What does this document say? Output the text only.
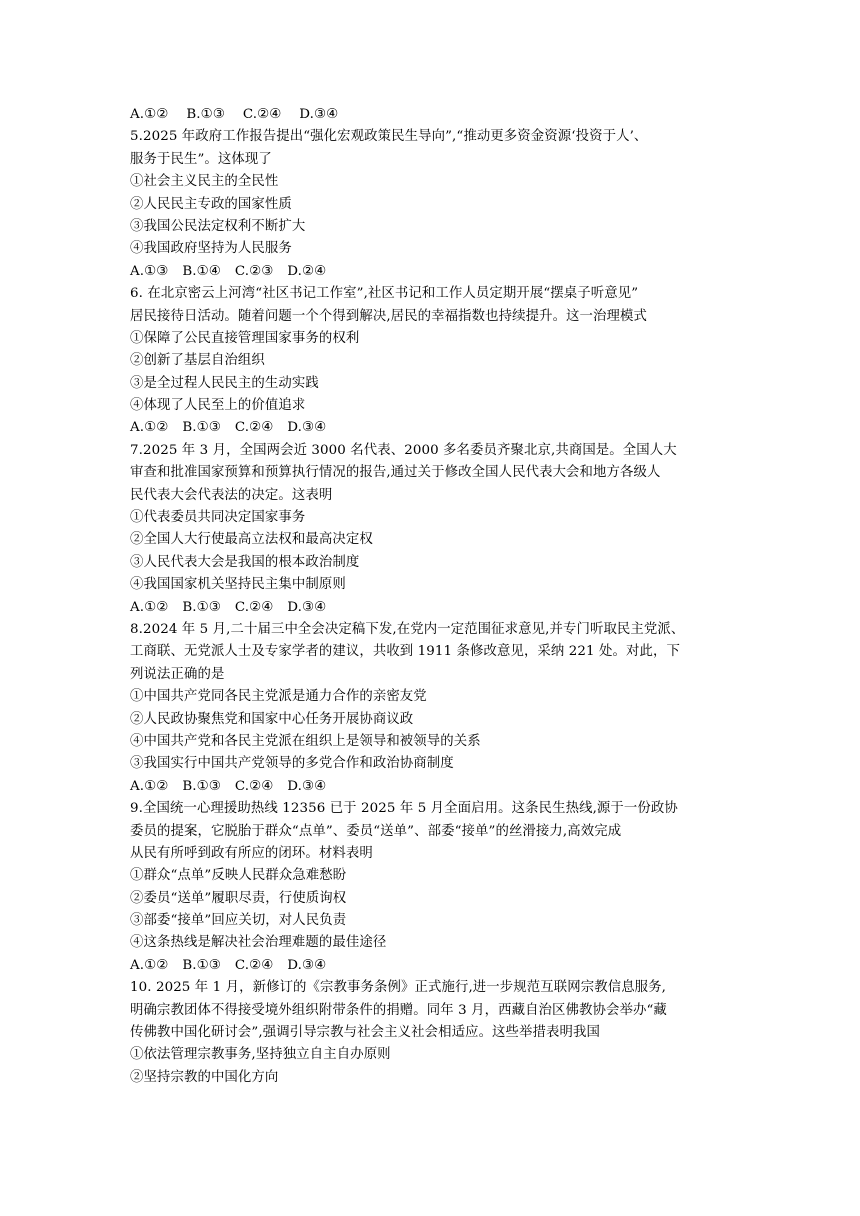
A.①② B.①③ C.②④ D.③④
5.2025 年政府工作报告提出“强化宏观政策民生导向”,“推动更多资金资源‘投资于人’、
服务于民生”。这体现了
①社会主义民主的全民性
②人民民主专政的国家性质
③我国公民法定权利不断扩大
④我国政府坚持为人民服务
A.①③ B.①④ C.②③ D.②④
6. 在北京密云上河湾“社区书记工作室”,社区书记和工作人员定期开展“摆桌子听意见”
居民接待日活动。随着问题一个个得到解决,居民的幸福指数也持续提升。这一治理模式
①保障了公民直接管理国家事务的权利
②创新了基层自治组织
③是全过程人民民主的生动实践
④体现了人民至上的价值追求
A.①② B.①③ C.②④ D.③④
7.2025 年 3 月，全国两会近 3000 名代表、2000 多名委员齐聚北京,共商国是。全国人大
审查和批准国家预算和预算执行情况的报告,通过关于修改全国人民代表大会和地方各级人
民代表大会代表法的决定。这表明
①代表委员共同决定国家事务
②全国人大行使最高立法权和最高决定权
③人民代表大会是我国的根本政治制度
④我国国家机关坚持民主集中制原则
A.①② B.①③ C.②④ D.③④
8.2024 年 5 月,二十届三中全会决定稿下发,在党内一定范围征求意见,并专门听取民主党派、
工商联、无党派人士及专家学者的建议，共收到 1911 条修改意见，采纳 221 处。对此，下
列说法正确的是
①中国共产党同各民主党派是通力合作的亲密友党
②人民政协聚焦党和国家中心任务开展协商议政
④中国共产党和各民主党派在组织上是领导和被领导的关系
③我国实行中国共产党领导的多党合作和政治协商制度
A.①② B.①③ C.②④ D.③④
9.全国统一心理援助热线 12356 已于 2025 年 5 月全面启用。这条民生热线,源于一份政协
委员的提案，它脱胎于群众“点单”、委员“送单”、部委“接单”的丝滑接力,高效完成
从民有所呼到政有所应的闭环。材料表明
①群众“点单”反映人民群众急难愁盼
②委员“送单”履职尽责，行使质询权
③部委“接单”回应关切，对人民负责
④这条热线是解决社会治理难题的最佳途径
A.①② B.①③ C.②④ D.③④
10. 2025 年 1 月，新修订的《宗教事务条例》正式施行,进一步规范互联网宗教信息服务,
明确宗教团体不得接受境外组织附带条件的捐赠。同年 3 月，西藏自治区佛教协会举办“藏
传佛教中国化研讨会”,强调引导宗教与社会主义社会相适应。这些举措表明我国
①依法管理宗教事务,坚持独立自主自办原则
②坚持宗教的中国化方向
